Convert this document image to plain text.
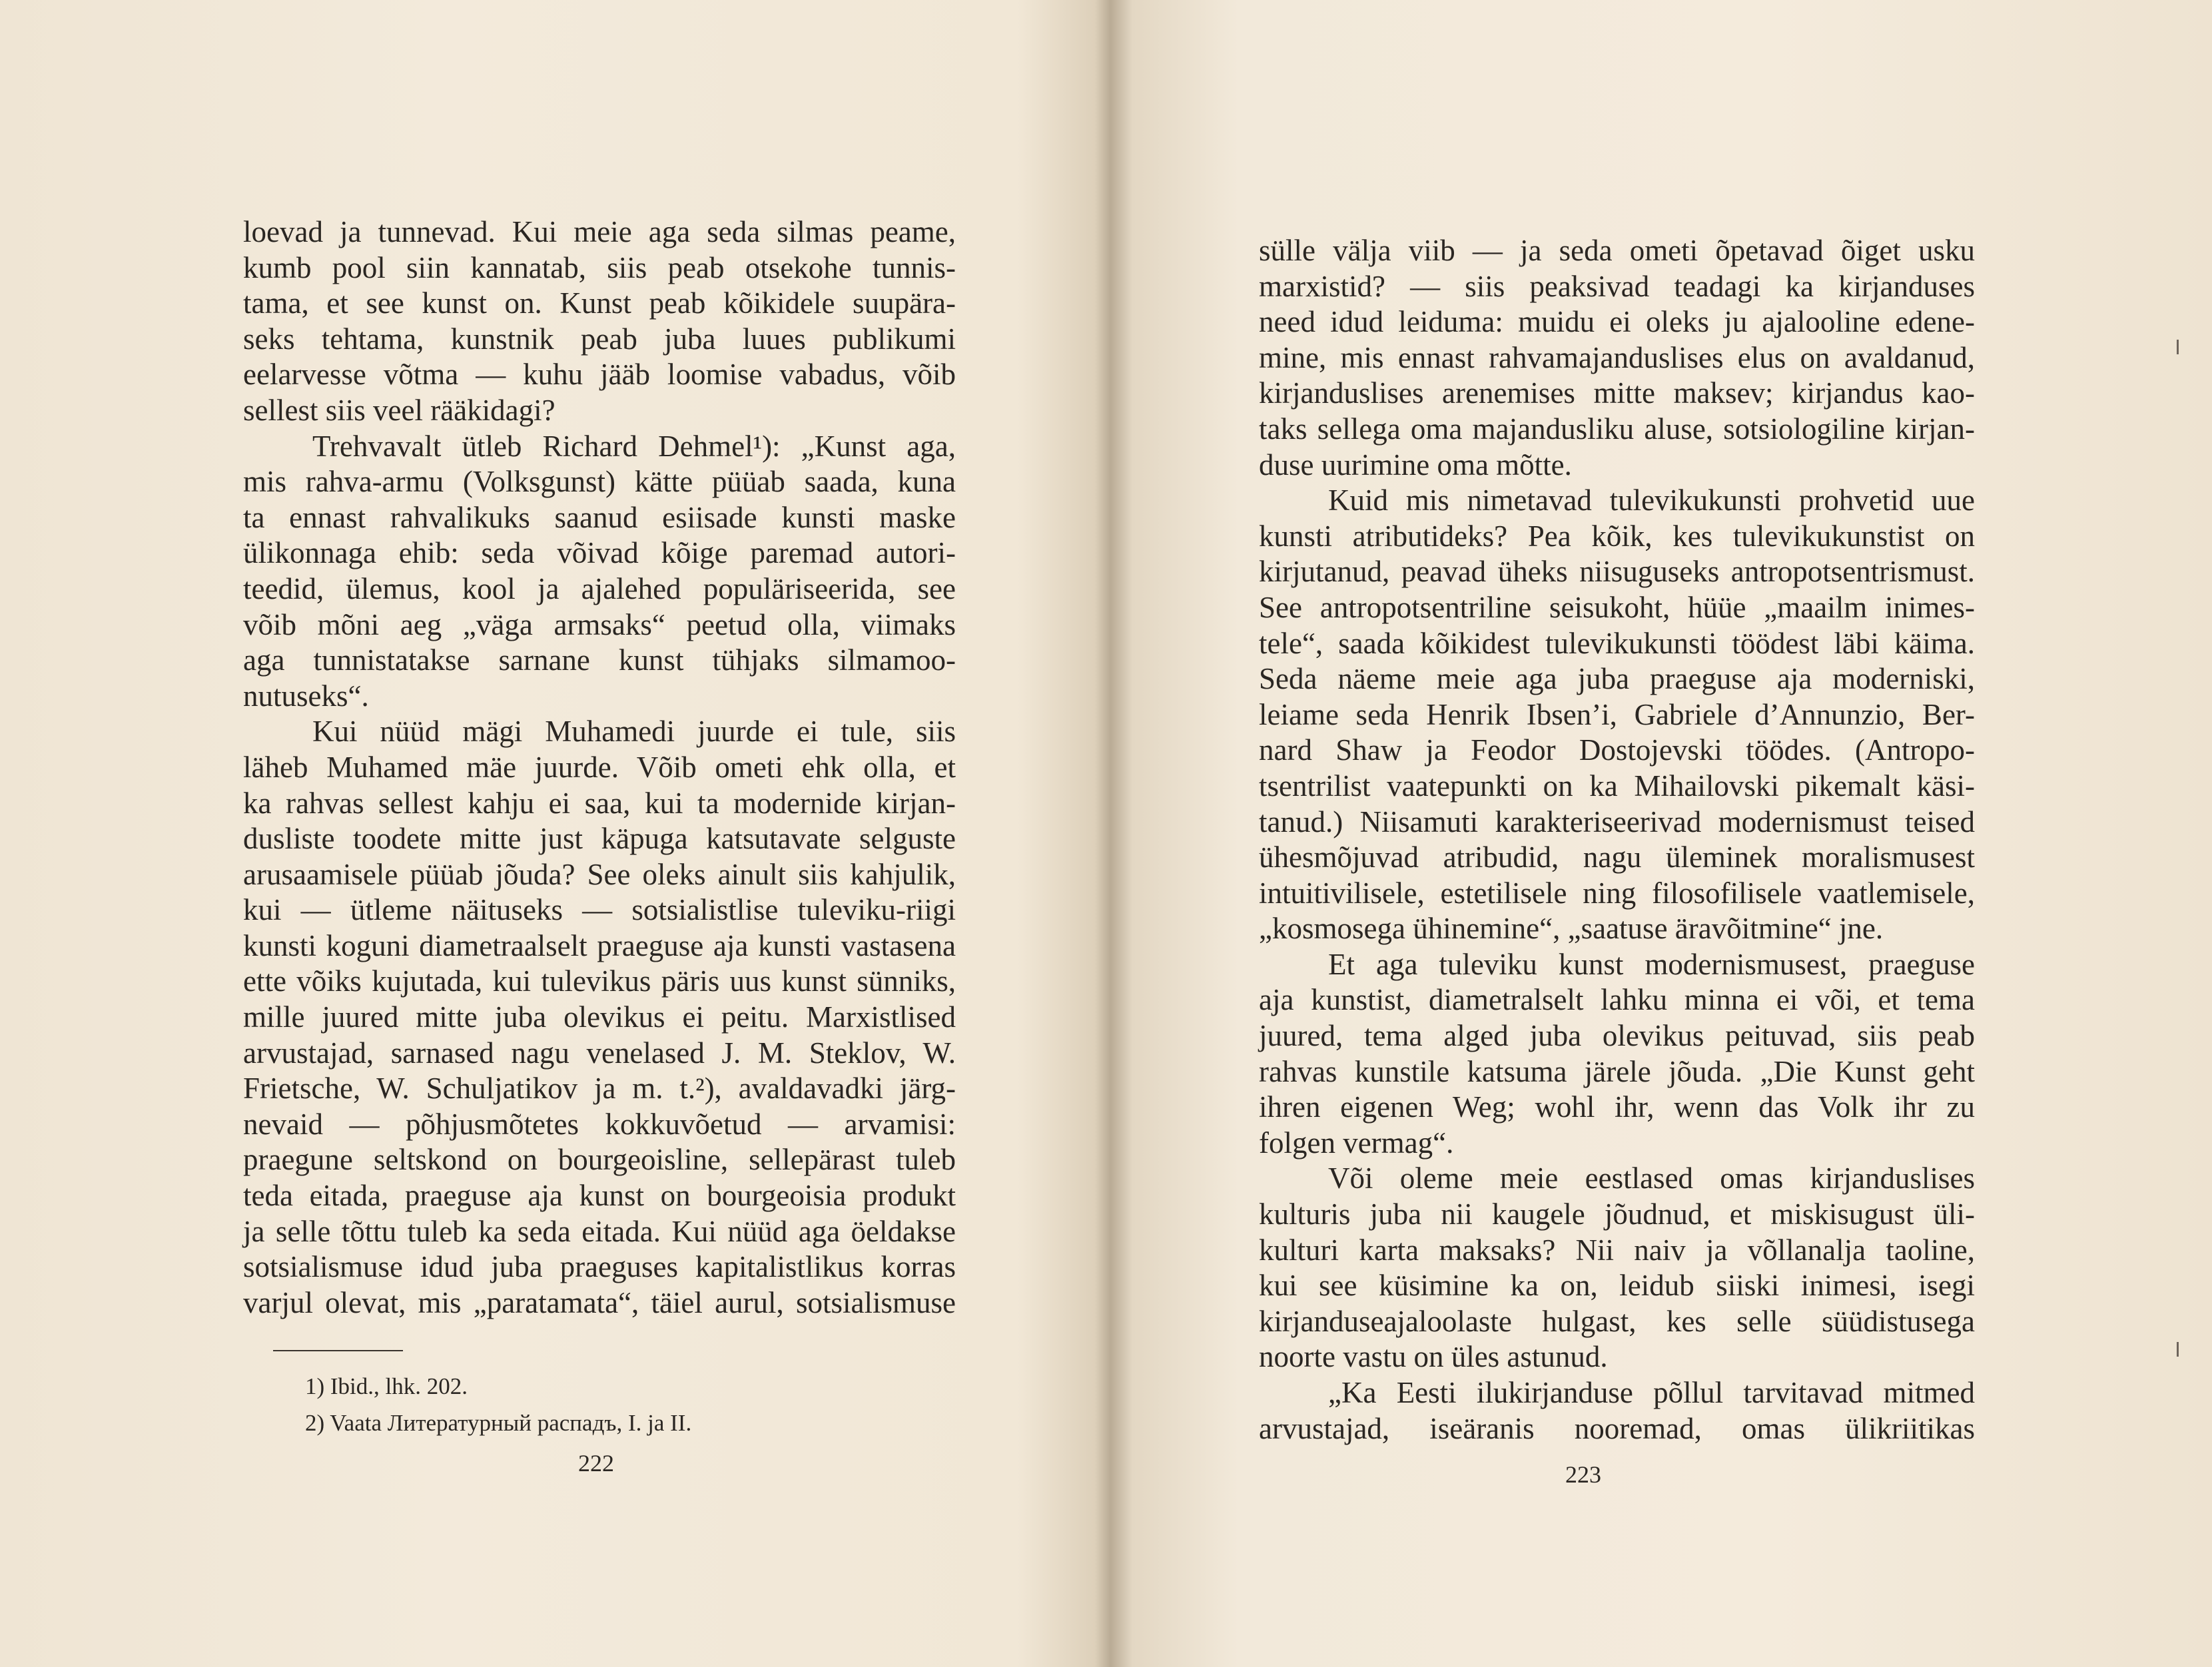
loevad ja tunnevad. Kui meie aga seda silmas peame,
kumb pool siin kannatab, siis peab otsekohe tunnis-
tama, et see kunst on. Kunst peab kõikidele suupära-
seks tehtama, kunstnik peab juba luues publikumi
eelarvesse võtma — kuhu jääb loomise vabadus, võib
sellest siis veel rääkidagi?
Trehvavalt ütleb Richard Dehmel¹): „Kunst aga,
mis rahva-armu (Volksgunst) kätte püüab saada, kuna
ta ennast rahvalikuks saanud esiisade kunsti maske
ülikonnaga ehib: seda võivad kõige paremad autori-
teedid, ülemus, kool ja ajalehed populäriseerida, see
võib mõni aeg „väga armsaks“ peetud olla, viimaks
aga tunnistatakse sarnane kunst tühjaks silmamoo-
nutuseks“.
Kui nüüd mägi Muhamedi juurde ei tule, siis
läheb Muhamed mäe juurde. Võib ometi ehk olla, et
ka rahvas sellest kahju ei saa, kui ta modernide kirjan-
dusliste toodete mitte just käpuga katsutavate selguste
arusaamisele püüab jõuda? See oleks ainult siis kahjulik,
kui — ütleme näituseks — sotsialistlise tuleviku-riigi
kunsti koguni diametraalselt praeguse aja kunsti vastasena
ette võiks kujutada, kui tulevikus päris uus kunst sünniks,
mille juured mitte juba olevikus ei peitu. Marxistlised
arvustajad, sarnased nagu venelased J. M. Steklov, W.
Frietsche, W. Schuljatikov ja m. t.²), avaldavadki järg-
nevaid — põhjusmõtetes kokkuvõetud — arvamisi:
praegune seltskond on bourgeoisline, sellepärast tuleb
teda eitada, praeguse aja kunst on bourgeoisia produkt
ja selle tõttu tuleb ka seda eitada. Kui nüüd aga öeldakse
sotsialismuse idud juba praeguses kapitalistlikus korras
varjul olevat, mis „paratamata“, täiel aurul, sotsialismuse
1) Ibid., lhk. 202.
2) Vaata Литературный распадъ, I. ja II.
222
sülle välja viib — ja seda ometi õpetavad õiget usku
marxistid? — siis peaksivad teadagi ka kirjanduses
need idud leiduma: muidu ei oleks ju ajalooline edene-
mine, mis ennast rahvamajanduslises elus on avaldanud,
kirjanduslises arenemises mitte maksev; kirjandus kao-
taks sellega oma majandusliku aluse, sotsiologiline kirjan-
duse uurimine oma mõtte.
Kuid mis nimetavad tulevikukunsti prohvetid uue
kunsti atributideks? Pea kõik, kes tulevikukunstist on
kirjutanud, peavad üheks niisuguseks antropotsentrismust.
See antropotsentriline seisukoht, hüüe „maailm inimes-
tele“, saada kõikidest tulevikukunsti töödest läbi käima.
Seda näeme meie aga juba praeguse aja moderniski,
leiame seda Henrik Ibsen’i, Gabriele d’Annunzio, Ber-
nard Shaw ja Feodor Dostojevski töödes. (Antropo-
tsentrilist vaatepunkti on ka Mihailovski pikemalt käsi-
tanud.) Niisamuti karakteriseerivad modernismust teised
ühesmõjuvad atribudid, nagu üleminek moralismusest
intuitivilisele, estetilisele ning filosofilisele vaatlemisele,
„kosmosega ühinemine“, „saatuse äravõitmine“ jne.
Et aga tuleviku kunst modernismusest, praeguse
aja kunstist, diametralselt lahku minna ei või, et tema
juured, tema alged juba olevikus peituvad, siis peab
rahvas kunstile katsuma järele jõuda. „Die Kunst geht
ihren eigenen Weg; wohl ihr, wenn das Volk ihr zu
folgen vermag“.
Või oleme meie eestlased omas kirjanduslises
kulturis juba nii kaugele jõudnud, et miskisugust üli-
kulturi karta maksaks? Nii naiv ja võllanalja taoline,
kui see küsimine ka on, leidub siiski inimesi, isegi
kirjanduseajaloolaste hulgast, kes selle süüdistusega
noorte vastu on üles astunud.
„Ka Eesti ilukirjanduse põllul tarvitavad mitmed
arvustajad, iseäranis nooremad, omas ülikriitikas
223
